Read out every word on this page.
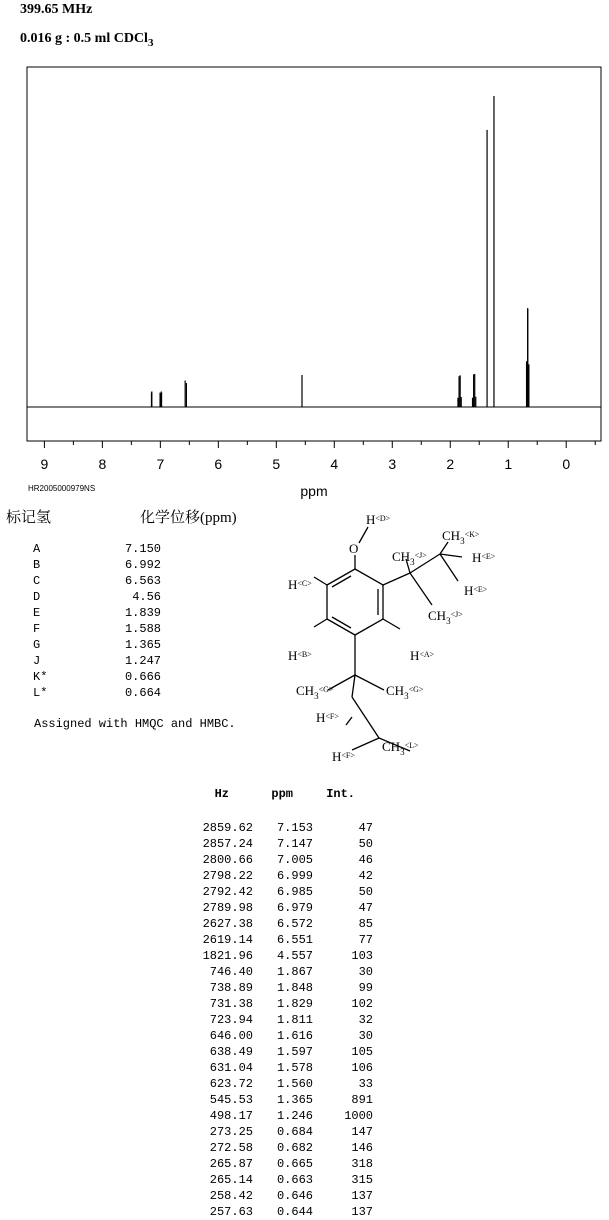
399.65 MHz
0.016 g : 0.5 ml CDCl$_3$
9	8	7	6	5	4	3	2	1	0
ppm
HR2005000979NS
标记氢	化学位移(ppm)
A	7.150
B	6.992
C	6.563
D	4.56
E	1.839
F	1.588
G	1.365
J	1.247
K*	0.666
L*	0.664
Assigned with HMQC and HMBC.
O
$H^{<D>}$
$H^{<C>}$
$H^{<B>}$	$H^{<A>}$
$CH_3^{<J>}$
$CH_3^{<K>}$
$H^{<E>}$
$H^{<E>}$
$CH_3^{<J>}$
$CH_3^{<G>}$	$CH_3^{<G>}$
$H^{<F>}$
$H^{<F>}$
$CH_3^{<L>}$
Hz	ppm	Int.
2859.62 7.153	47
2857.24 7.147	50
2800.66 7.005	46
2798.22 6.999	42
2792.42 6.985	50
2789.98 6.979	47
2627.38 6.572	85
2619.14 6.551	77
1821.96 4.557	103
746.40 1.867	30
738.89 1.848	99
731.38 1.829	102
723.94 1.811	32
646.00 1.616	30
638.49 1.597	105
631.04 1.578	106
623.72 1.560	33
545.53 1.365	891
498.17 1.246	1000
273.25 0.684	147
272.58 0.682	146
265.87 0.665	318
265.14 0.663	315
258.42 0.646	137
257.63 0.644	137
